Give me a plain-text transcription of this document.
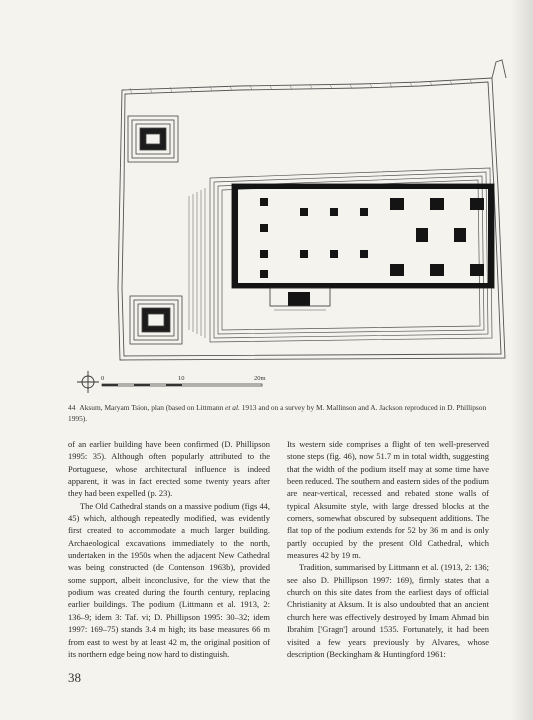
0	10	20m
44 Aksum, Maryam Tsion, plan (based on Littmann et al. 1913 and on a survey by M. Mallinson and A. Jackson reproduced in D. Phillipson 1995).

of an earlier building have been confirmed (D. Phillipson 1995: 35). Although often popularly attributed to the Portuguese, whose architectural influence is indeed apparent, it was in fact erected some twenty years after they had been expelled (p. 23).

The Old Cathedral stands on a massive podium (figs 44, 45) which, although repeatedly modified, was evidently first created to accommodate a much larger building. Archaeological excavations immediately to the north, undertaken in the 1950s when the adjacent New Cathedral was being constructed (de Contenson 1963b), provided some support, albeit inconclusive, for the view that the podium was created during the fourth century, replacing earlier buildings. The podium (Littmann et al. 1913, 2: 136–9; idem 3: Taf. vi; D. Phillipson 1995: 30–32; idem 1997: 169–75) stands 3.4 m high; its base measures 66 m from east to west by at least 42 m, the original position of its northern edge being now hard to distinguish.

Its western side comprises a flight of ten well-preserved stone steps (fig. 46), now 51.7 m in total width, suggesting that the width of the podium itself may at some time have been reduced. The southern and eastern sides of the podium are near-vertical, recessed and rebated stone walls of typical Aksumite style, with large dressed blocks at the corners, somewhat obscured by subsequent additions. The flat top of the podium extends for 52 by 36 m and is only partly occupied by the present Old Cathedral, which measures 42 by 19 m.

Tradition, summarised by Littmann et al. (1913, 2: 136; see also D. Phillipson 1997: 169), firmly states that a church on this site dates from the earliest days of official Christianity at Aksum. It is also undoubted that an ancient church here was effectively destroyed by Imam Ahmad bin Ibrahim ['Gragn'] around 1535. Fortunately, it had been visited a few years previously by Alvares, whose description (Beckingham & Huntingford 1961:

38
